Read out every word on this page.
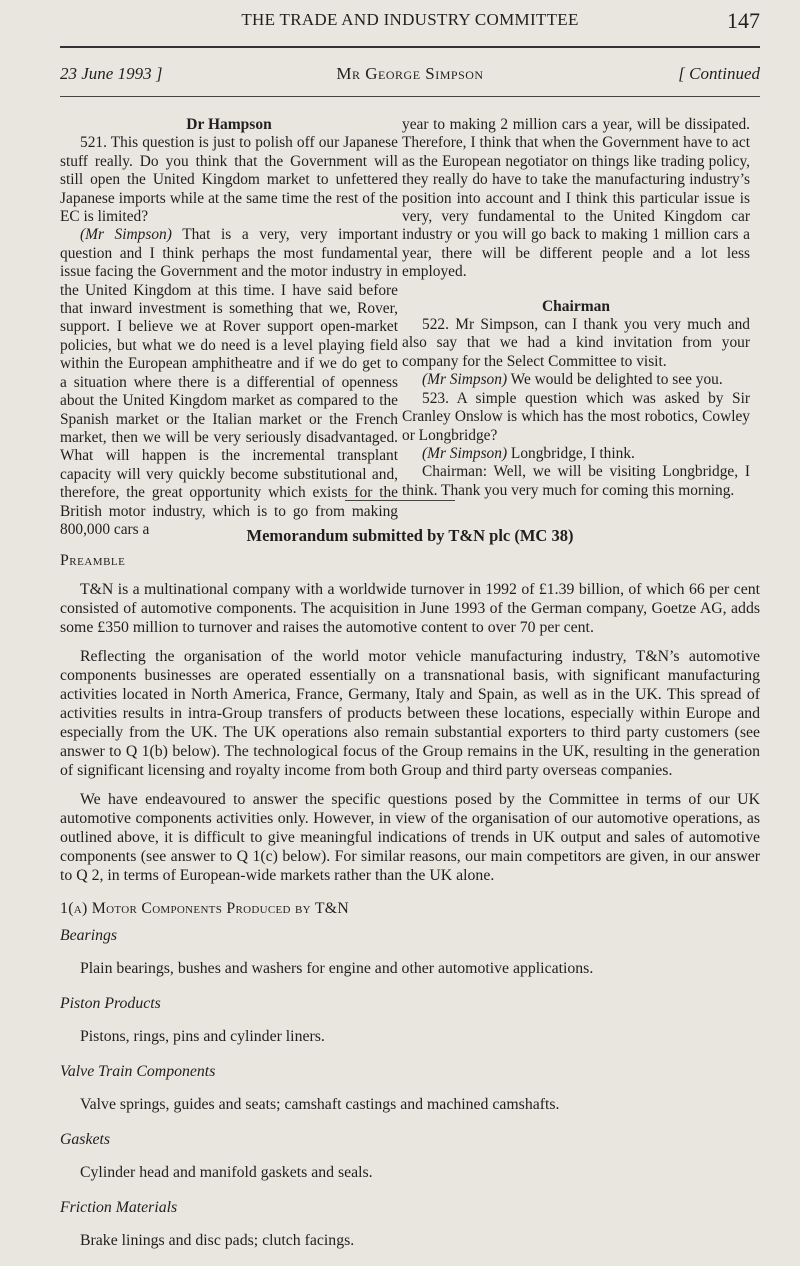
THE TRADE AND INDUSTRY COMMITTEE	147
23 June 1993 ]	Mr George Simpson	[ Continued

Dr Hampson

521. This question is just to polish off our Japanese stuff really. Do you think that the Government will still open the United Kingdom market to unfettered Japanese imports while at the same time the rest of the EC is limited?

(Mr Simpson) That is a very, very important question and I think perhaps the most fundamental issue facing the Government and the motor industry in the United Kingdom at this time. I have said before that inward investment is something that we, Rover, support. I believe we at Rover support open-market policies, but what we do need is a level playing field within the European amphitheatre and if we do get to a situation where there is a differential of openness about the United Kingdom market as compared to the Spanish market or the Italian market or the French market, then we will be very seriously disadvantaged. What will happen is the incremental transplant capacity will very quickly become substitutional and, therefore, the great opportunity which exists for the British motor industry, which is to go from making 800,000 cars a

year to making 2 million cars a year, will be dissipated. Therefore, I think that when the Government have to act as the European negotiator on things like trading policy, they really do have to take the manufacturing industry’s position into account and I think this particular issue is very, very fundamental to the United Kingdom car industry or you will go back to making 1 million cars a year, there will be different people and a lot less employed.

Chairman

522. Mr Simpson, can I thank you very much and also say that we had a kind invitation from your company for the Select Committee to visit.

(Mr Simpson) We would be delighted to see you.

523. A simple question which was asked by Sir Cranley Onslow is which has the most robotics, Cowley or Longbridge?

(Mr Simpson) Longbridge, I think.

Chairman: Well, we will be visiting Longbridge, I think. Thank you very much for coming this morning.

Memorandum submitted by T&N plc (MC 38)
Preamble

T&N is a multinational company with a worldwide turnover in 1992 of £1.39 billion, of which 66 per cent consisted of automotive components. The acquisition in June 1993 of the German company, Goetze AG, adds some £350 million to turnover and raises the automotive content to over 70 per cent.

Reflecting the organisation of the world motor vehicle manufacturing industry, T&N’s automotive components businesses are operated essentially on a transnational basis, with significant manufacturing activities located in North America, France, Germany, Italy and Spain, as well as in the UK. This spread of activities results in intra-Group transfers of products between these locations, especially within Europe and especially from the UK. The UK operations also remain substantial exporters to third party customers (see answer to Q 1(b) below). The technological focus of the Group remains in the UK, resulting in the generation of significant licensing and royalty income from both Group and third party overseas companies.

We have endeavoured to answer the specific questions posed by the Committee in terms of our UK automotive components activities only. However, in view of the organisation of our automotive operations, as outlined above, it is difficult to give meaningful indications of trends in UK output and sales of automotive components (see answer to Q 1(c) below). For similar reasons, our main competitors are given, in our answer to Q 2, in terms of European-wide markets rather than the UK alone.

1(a) Motor Components Produced by T&N
Bearings
Plain bearings, bushes and washers for engine and other automotive applications.
Piston Products
Pistons, rings, pins and cylinder liners.
Valve Train Components
Valve springs, guides and seats; camshaft castings and machined camshafts.
Gaskets
Cylinder head and manifold gaskets and seals.
Friction Materials
Brake linings and disc pads; clutch facings.
